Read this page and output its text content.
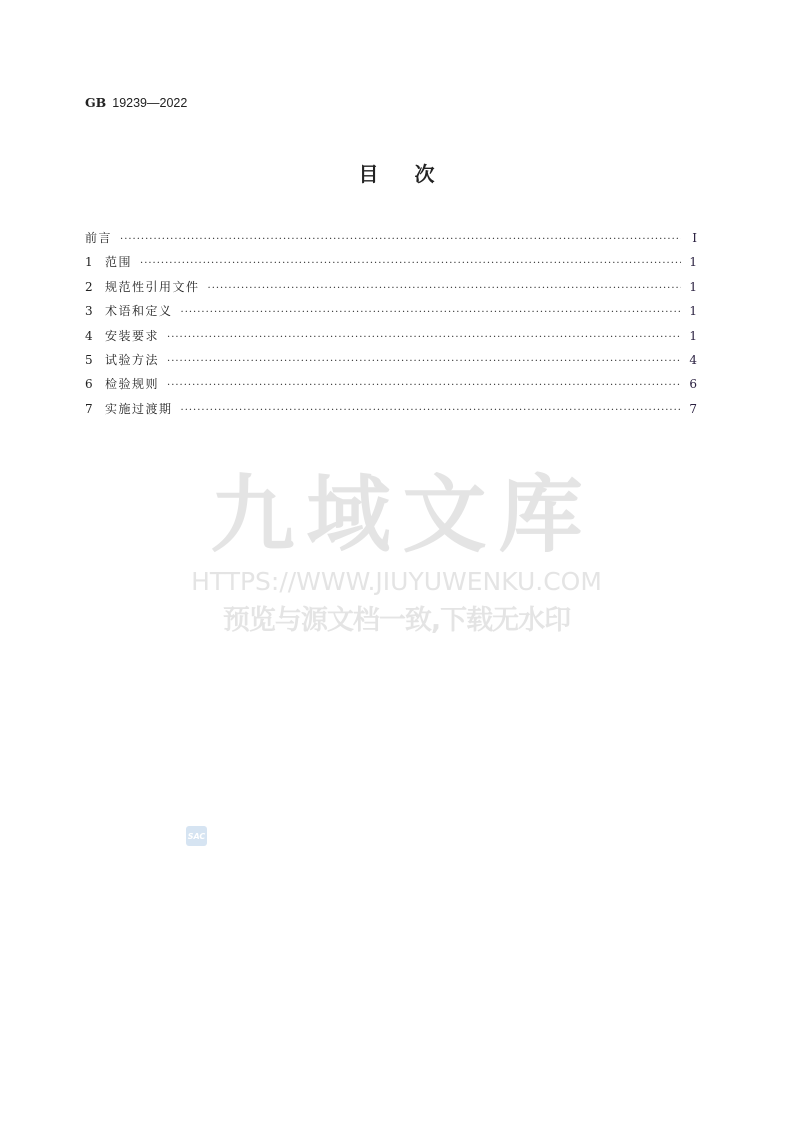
GB 19239—2022
目次
前言 ·····	I
1	范围 ·····	1
2	规范性引用文件 ·····	1
3	术语和定义 ·····	1
4	安装要求 ·····	1
5	试验方法 ·····	4
6	检验规则 ·····	6
7	实施过渡期 ·····	7
九域文库
HTTPS://WWW.JIUYUWENKU.COM
预览与源文档一致,下载无水印
SAC
